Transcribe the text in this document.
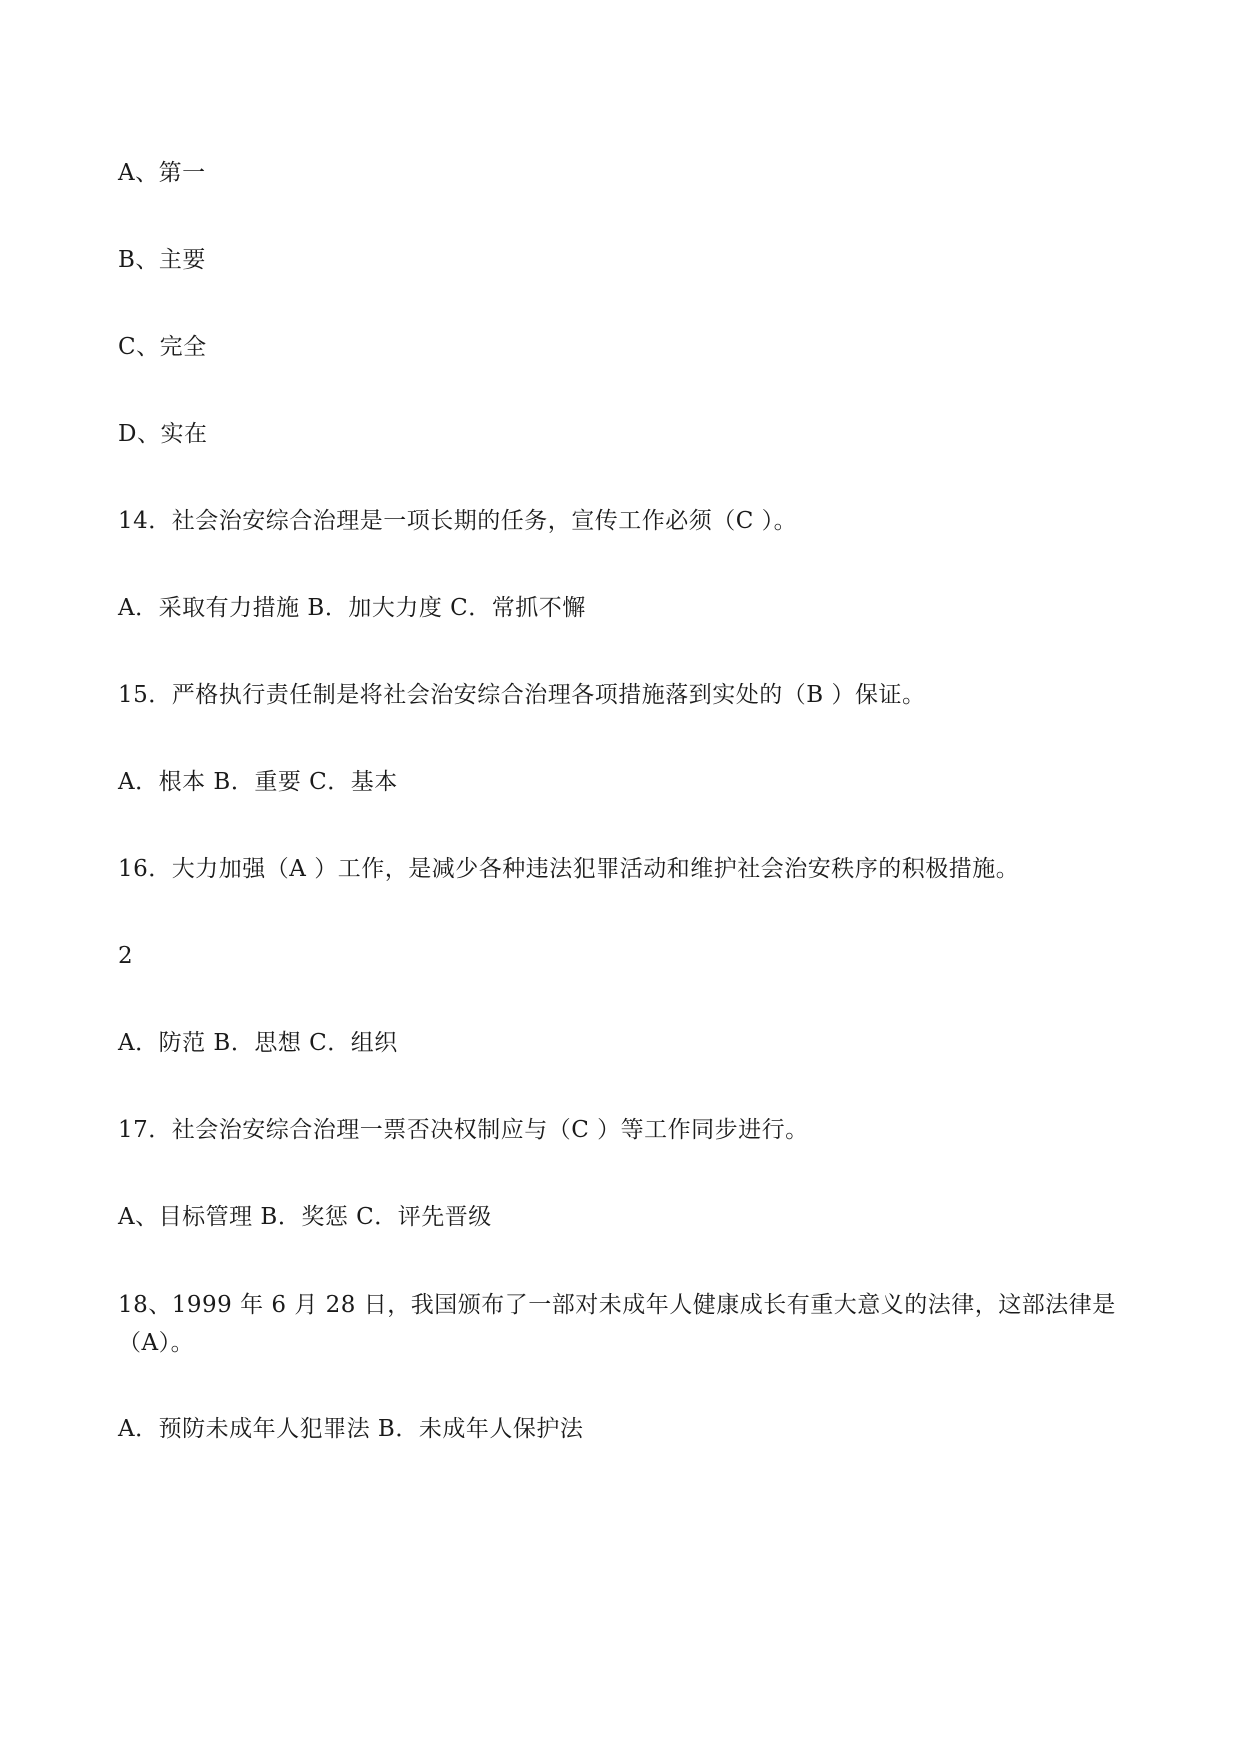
A、第一
B、主要
C、完全
D、实在
14．社会治安综合治理是一项长期的任务，宣传工作必须（C ）。
A．采取有力措施 B．加大力度 C．常抓不懈
15．严格执行责任制是将社会治安综合治理各项措施落到实处的（B ）保证。
A．根本 B．重要 C．基本
16．大力加强（A ）工作，是减少各种违法犯罪活动和维护社会治安秩序的积极措施。
2
A．防范 B．思想 C．组织
17．社会治安综合治理一票否决权制应与（C ）等工作同步进行。
A、目标管理 B．奖惩 C．评先晋级
18、1999 年 6 月 28 日，我国颁布了一部对未成年人健康成长有重大意义的法律，这部法律是（A）。
A．预防未成年人犯罪法 B．未成年人保护法
